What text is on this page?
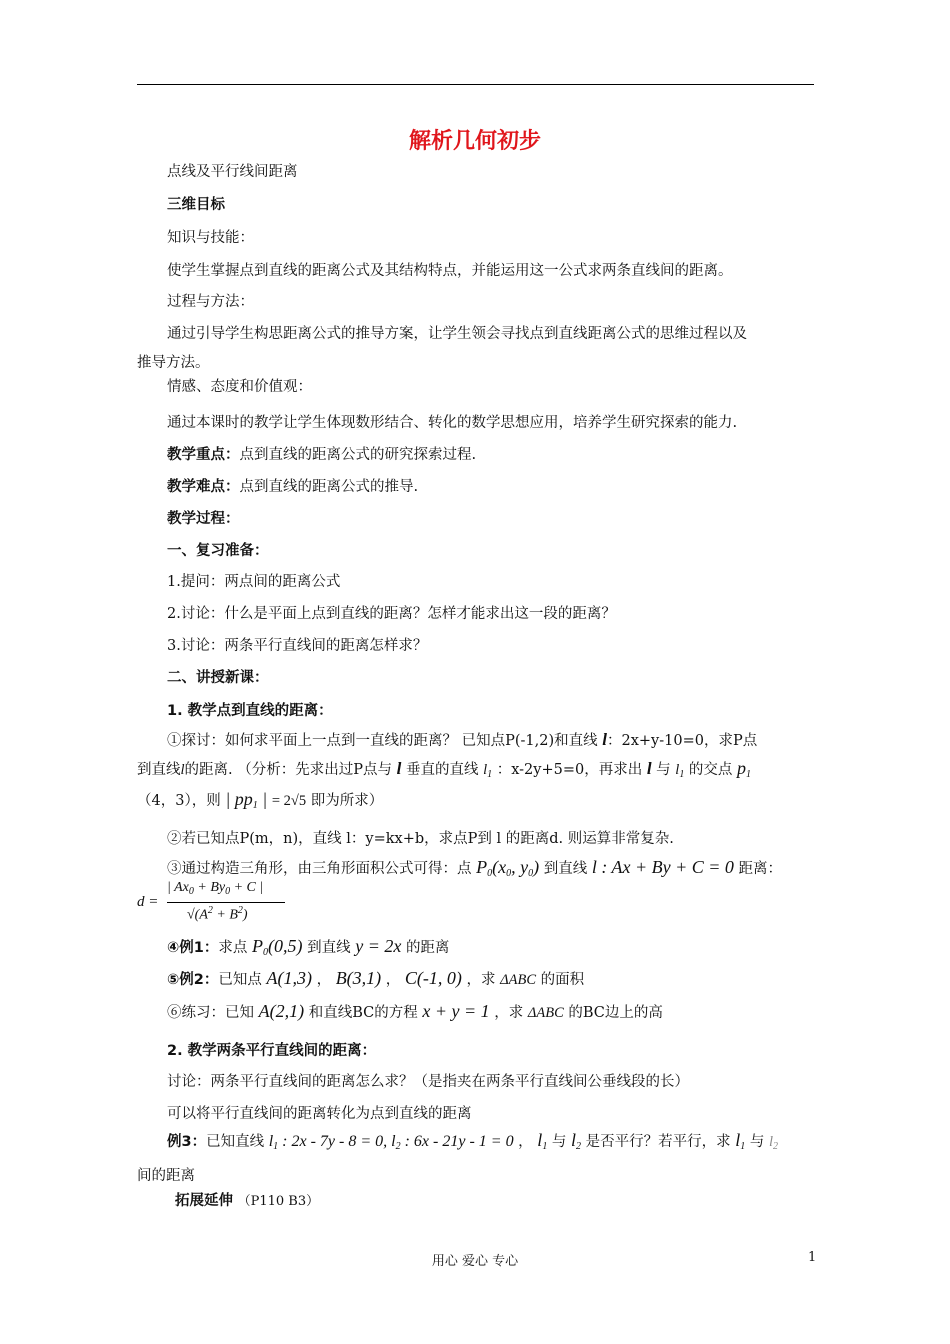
解析几何初步
点线及平行线间距离
三维目标
知识与技能：
使学生掌握点到直线的距离公式及其结构特点，并能运用这一公式求两条直线间的距离。
过程与方法：
通过引导学生构思距离公式的推导方案，让学生领会寻找点到直线距离公式的思维过程以及
推导方法。
情感、态度和价值观：
通过本课时的教学让学生体现数形结合、转化的数学思想应用，培养学生研究探索的能力.
教学重点：点到直线的距离公式的研究探索过程.
教学难点：点到直线的距离公式的推导.
教学过程：
一、复习准备：
1.提问：两点间的距离公式
2.讨论：什么是平面上点到直线的距离？怎样才能求出这一段的距离？
3.讨论：两条平行直线间的距离怎样求？
二、讲授新课：
1. 教学点到直线的距离：
①探讨：如何求平面上一点到一直线的距离？ 已知点P(-1,2)和直线 l：2x+y-10=0，求P点
到直线l的距离. （分析：先求出过P点与 l 垂直的直线 $l_1$ ：x-2y+5=0，再求出 l 与 $l_1$ 的交点 $p_1$
（4，3），则 | $pp_1$ | = 2√5 即为所求）
②若已知点P(m，n)，直线 l：y=kx+b，求点P到 l 的距离d. 则运算非常复杂.
③通过构造三角形，由三角形面积公式可得：点 $P_0(x_0$, $y_0$) 到直线 l : Ax + By + C = 0 距离：
d =
| $Ax_0 + By_0 + C$ |
$√(A^2 + B^2)$
④例1：求点 $P_0(0,5)$ 到直线 y = 2x 的距离
⑤例2：已知点 A(1,3) ， B(3,1) ， C(-1, 0) ，求 ΔABC 的面积
⑥练习：已知 A(2,1) 和直线BC的方程 x + y = 1 ，求 ΔABC 的BC边上的高
2. 教学两条平行直线间的距离：
讨论：两条平行直线间的距离怎么求？（是指夹在两条平行直线间公垂线段的长）
可以将平行直线间的距离转化为点到直线的距离
例3：已知直线 $l_1$ : 2x - 7y - 8 = 0, $l_2$ : 6x - 21y - 1 = 0 ， $l_1$ 与 $l_2$ 是否平行？若平行，求 $l_1$ 与 $l_2$
间的距离
拓展延伸 （P110 B3）
用心 爱心 专心	1
